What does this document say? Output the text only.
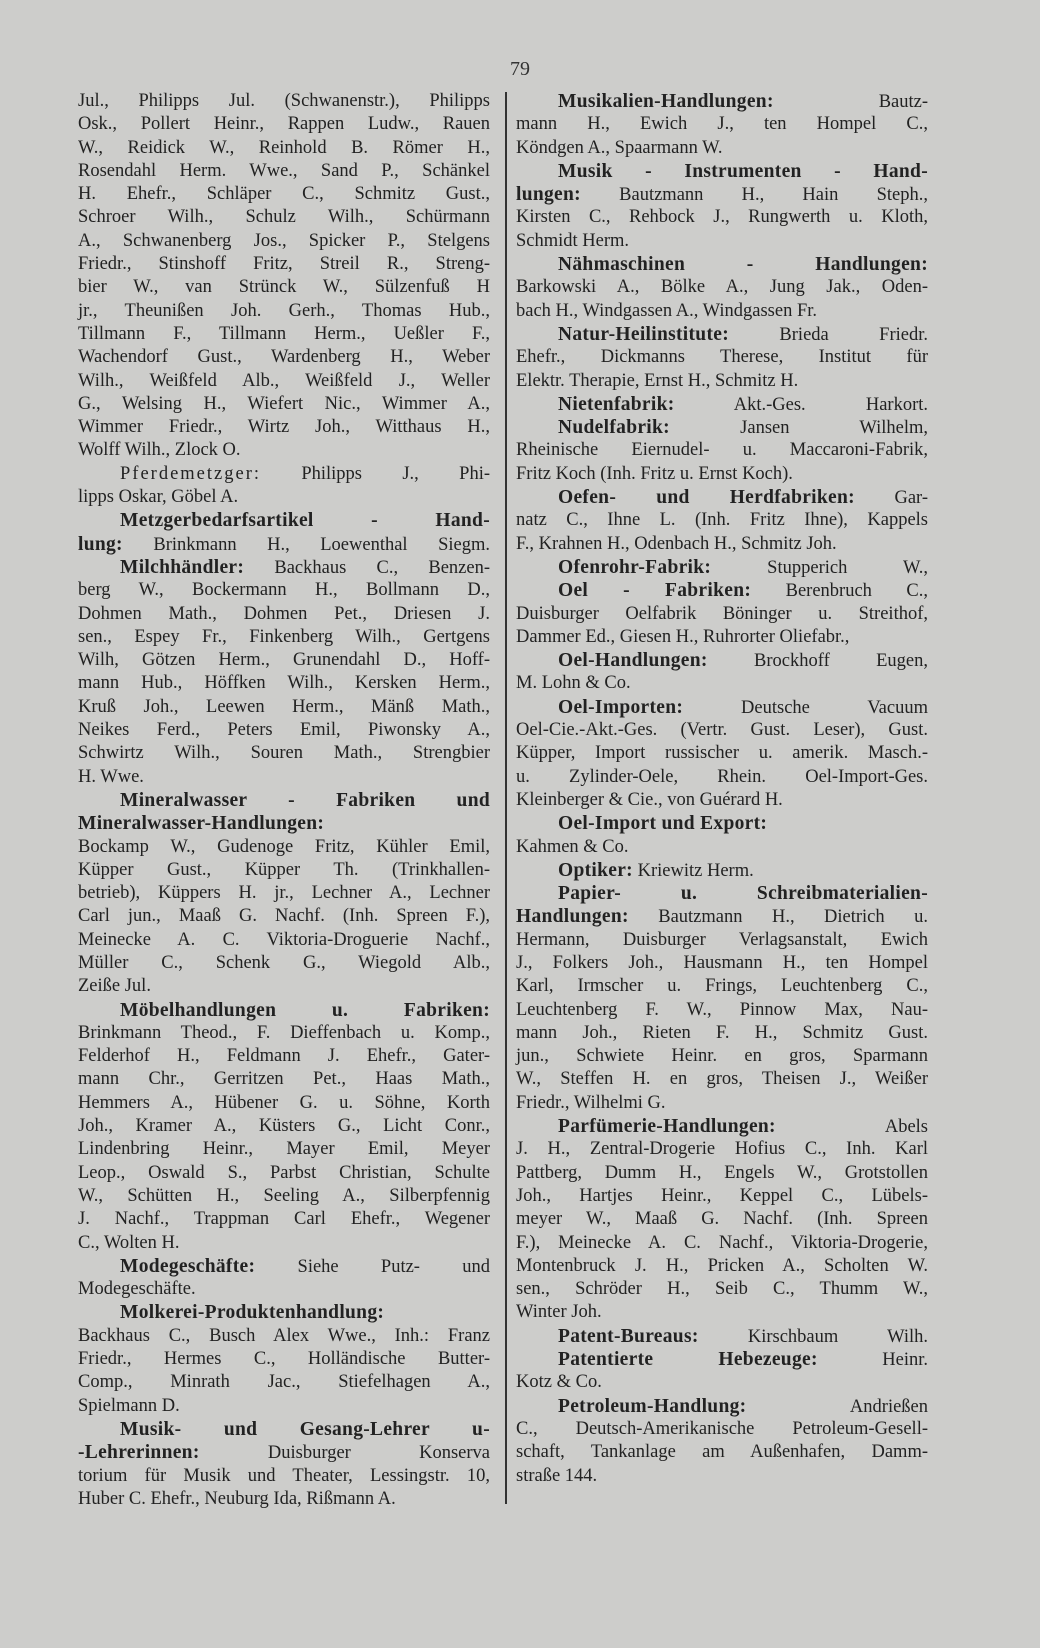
79
Jul., Philipps Jul. (Schwanenstr.), Philipps
Osk., Pollert Heinr., Rappen Ludw., Rauen
W., Reidick W., Reinhold B. Römer H.,
Rosendahl Herm. Wwe., Sand P., Schänkel
H. Ehefr., Schläper C., Schmitz Gust.,
Schroer Wilh., Schulz Wilh., Schürmann
A., Schwanenberg Jos., Spicker P., Stelgens
Friedr., Stinshoff Fritz, Streil R., Streng-
bier W., van Strünck W., Sülzenfuß H
jr., Theunißen Joh. Gerh., Thomas Hub.,
Tillmann F., Tillmann Herm., Ueßler F.,
Wachendorf Gust., Wardenberg H., Weber
Wilh., Weißfeld Alb., Weißfeld J., Weller
G., Welsing H., Wiefert Nic., Wimmer A.,
Wimmer Friedr., Wirtz Joh., Witthaus H.,
Wolff Wilh., Zlock O.
Pferdemetzger: Philipps J., Phi-
lipps Oskar, Göbel A.
Metzgerbedarfsartikel - Hand-
lung: Brinkmann H., Loewenthal Siegm.
Milchhändler: Backhaus C., Benzen-
berg W., Bockermann H., Bollmann D.,
Dohmen Math., Dohmen Pet., Driesen J.
sen., Espey Fr., Finkenberg Wilh., Gertgens
Wilh, Götzen Herm., Grunendahl D., Hoff-
mann Hub., Höffken Wilh., Kersken Herm.,
Kruß Joh., Leewen Herm., Mänß Math.,
Neikes Ferd., Peters Emil, Piwonsky A.,
Schwirtz Wilh., Souren Math., Strengbier
H. Wwe.
Mineralwasser - Fabriken und
Mineralwasser-Handlungen:
Bockamp W., Gudenoge Fritz, Kühler Emil,
Küpper Gust., Küpper Th. (Trinkhallen-
betrieb), Küppers H. jr., Lechner A., Lechner
Carl jun., Maaß G. Nachf. (Inh. Spreen F.),
Meinecke A. C. Viktoria-Droguerie Nachf.,
Müller C., Schenk G., Wiegold Alb.,
Zeiße Jul.
Möbelhandlungen u. Fabriken:
Brinkmann Theod., F. Dieffenbach u. Komp.,
Felderhof H., Feldmann J. Ehefr., Gater-
mann Chr., Gerritzen Pet., Haas Math.,
Hemmers A., Hübener G. u. Söhne, Korth
Joh., Kramer A., Küsters G., Licht Conr.,
Lindenbring Heinr., Mayer Emil, Meyer
Leop., Oswald S., Parbst Christian, Schulte
W., Schütten H., Seeling A., Silberpfennig
J. Nachf., Trappman Carl Ehefr., Wegener
C., Wolten H.
Modegeschäfte: Siehe Putz- und
Modegeschäfte.
Molkerei-Produktenhandlung:
Backhaus C., Busch Alex Wwe., Inh.: Franz
Friedr., Hermes C., Holländische Butter-
Comp., Minrath Jac., Stiefelhagen A.,
Spielmann D.
Musik- und Gesang-Lehrer u-
-Lehrerinnen: Duisburger Konserva
torium für Musik und Theater, Lessingstr. 10,
Huber C. Ehefr., Neuburg Ida, Rißmann A.
Musikalien-Handlungen: Bautz-
mann H., Ewich J., ten Hompel C.,
Köndgen A., Spaarmann W.
Musik - Instrumenten - Hand-
lungen: Bautzmann H., Hain Steph.,
Kirsten C., Rehbock J., Rungwerth u. Kloth,
Schmidt Herm.
Nähmaschinen - Handlungen:
Barkowski A., Bölke A., Jung Jak., Oden-
bach H., Windgassen A., Windgassen Fr.
Natur-Heilinstitute: Brieda Friedr.
Ehefr., Dickmanns Therese, Institut für
Elektr. Therapie, Ernst H., Schmitz H.
Nietenfabrik: Akt.-Ges. Harkort.
Nudelfabrik: Jansen Wilhelm,
Rheinische Eiernudel- u. Maccaroni-Fabrik,
Fritz Koch (Inh. Fritz u. Ernst Koch).
Oefen- und Herdfabriken: Gar-
natz C., Ihne L. (Inh. Fritz Ihne), Kappels
F., Krahnen H., Odenbach H., Schmitz Joh.
Ofenrohr-Fabrik: Stupperich W.,
Oel - Fabriken: Berenbruch C.,
Duisburger Oelfabrik Böninger u. Streithof,
Dammer Ed., Giesen H., Ruhrorter Oliefabr.,
Oel-Handlungen: Brockhoff Eugen,
M. Lohn & Co.
Oel-Importen: Deutsche Vacuum
Oel-Cie.-Akt.-Ges. (Vertr. Gust. Leser), Gust.
Küpper, Import russischer u. amerik. Masch.-
u. Zylinder-Oele, Rhein. Oel-Import-Ges.
Kleinberger & Cie., von Guérard H.
Oel-Import und Export:
Kahmen & Co.
Optiker: Kriewitz Herm.
Papier- u. Schreibmaterialien-
Handlungen: Bautzmann H., Dietrich u.
Hermann, Duisburger Verlagsanstalt, Ewich
J., Folkers Joh., Hausmann H., ten Hompel
Karl, Irmscher u. Frings, Leuchtenberg C.,
Leuchtenberg F. W., Pinnow Max, Nau-
mann Joh., Rieten F. H., Schmitz Gust.
jun., Schwiete Heinr. en gros, Sparmann
W., Steffen H. en gros, Theisen J., Weißer
Friedr., Wilhelmi G.
Parfümerie-Handlungen: Abels
J. H., Zentral-Drogerie Hofius C., Inh. Karl
Pattberg, Dumm H., Engels W., Grotstollen
Joh., Hartjes Heinr., Keppel C., Lübels-
meyer W., Maaß G. Nachf. (Inh. Spreen
F.), Meinecke A. C. Nachf., Viktoria-Drogerie,
Montenbruck J. H., Pricken A., Scholten W.
sen., Schröder H., Seib C., Thumm W.,
Winter Joh.
Patent-Bureaus: Kirschbaum Wilh.
Patentierte Hebezeuge: Heinr.
Kotz & Co.
Petroleum-Handlung: Andrießen
C., Deutsch-Amerikanische Petroleum-Gesell-
schaft, Tankanlage am Außenhafen, Damm-
straße 144.
